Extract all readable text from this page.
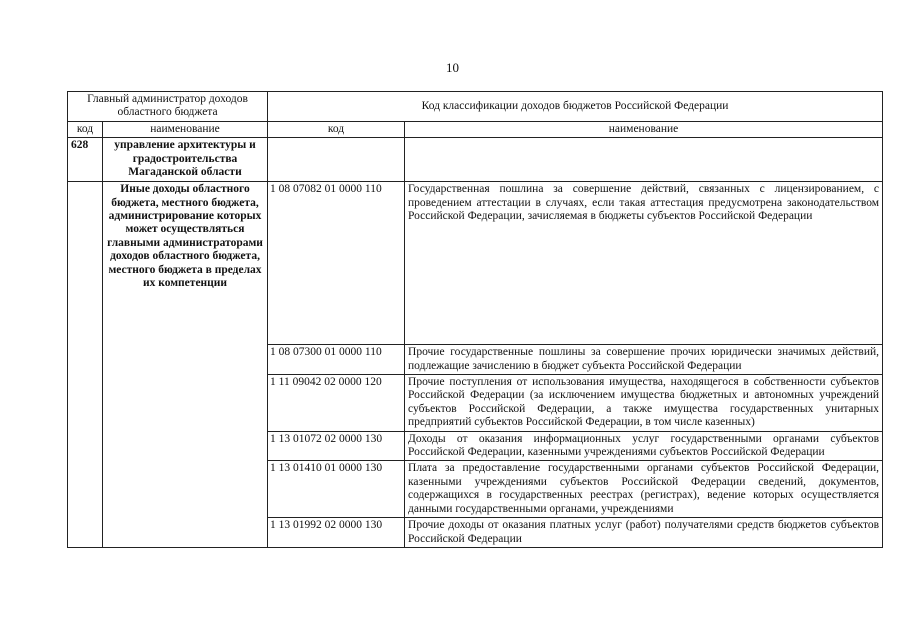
10
Главный администратор доходов областного бюджета		Код классификации доходов бюджетов Российской Федерации	
код	наименование	код	наименование
628	управление архитектуры и градостроительства Магаданской области		
	Иные доходы областного бюджета, местного бюджета, администрирование которых может осуществляться главными администраторами доходов областного бюджета, местного бюджета в пределах их компетенции	1 08 07082 01 0000 110	Государственная пошлина за совершение действий, связанных с лицензированием, с проведением аттестации в случаях, если такая аттестация предусмотрена законодательством Российской Федерации, зачисляемая в бюджеты субъектов Российской Федерации
		1 08 07300 01 0000 110	Прочие государственные пошлины за совершение прочих юридически значимых действий, подлежащие зачислению в бюджет субъекта Российской Федерации
		1 11 09042 02 0000 120	Прочие поступления от использования имущества, находящегося в собственности субъектов Российской Федерации (за исключением имущества бюджетных и автономных учреждений субъектов Российской Федерации, а также имущества государственных унитарных предприятий субъектов Российской Федерации, в том числе казенных)
		1 13 01072 02 0000 130	Доходы от оказания информационных услуг государственными органами субъектов Российской Федерации, казенными учреждениями субъектов Российской Федерации
		1 13 01410 01 0000 130	Плата за предоставление государственными органами субъектов Российской Федерации, казенными учреждениями субъектов Российской Федерации сведений, документов, содержащихся в государственных реестрах (регистрах), ведение которых осуществляется данными государственными органами, учреждениями
		1 13 01992 02 0000 130	Прочие доходы от оказания платных услуг (работ) получателями средств бюджетов субъектов Российской Федерации
